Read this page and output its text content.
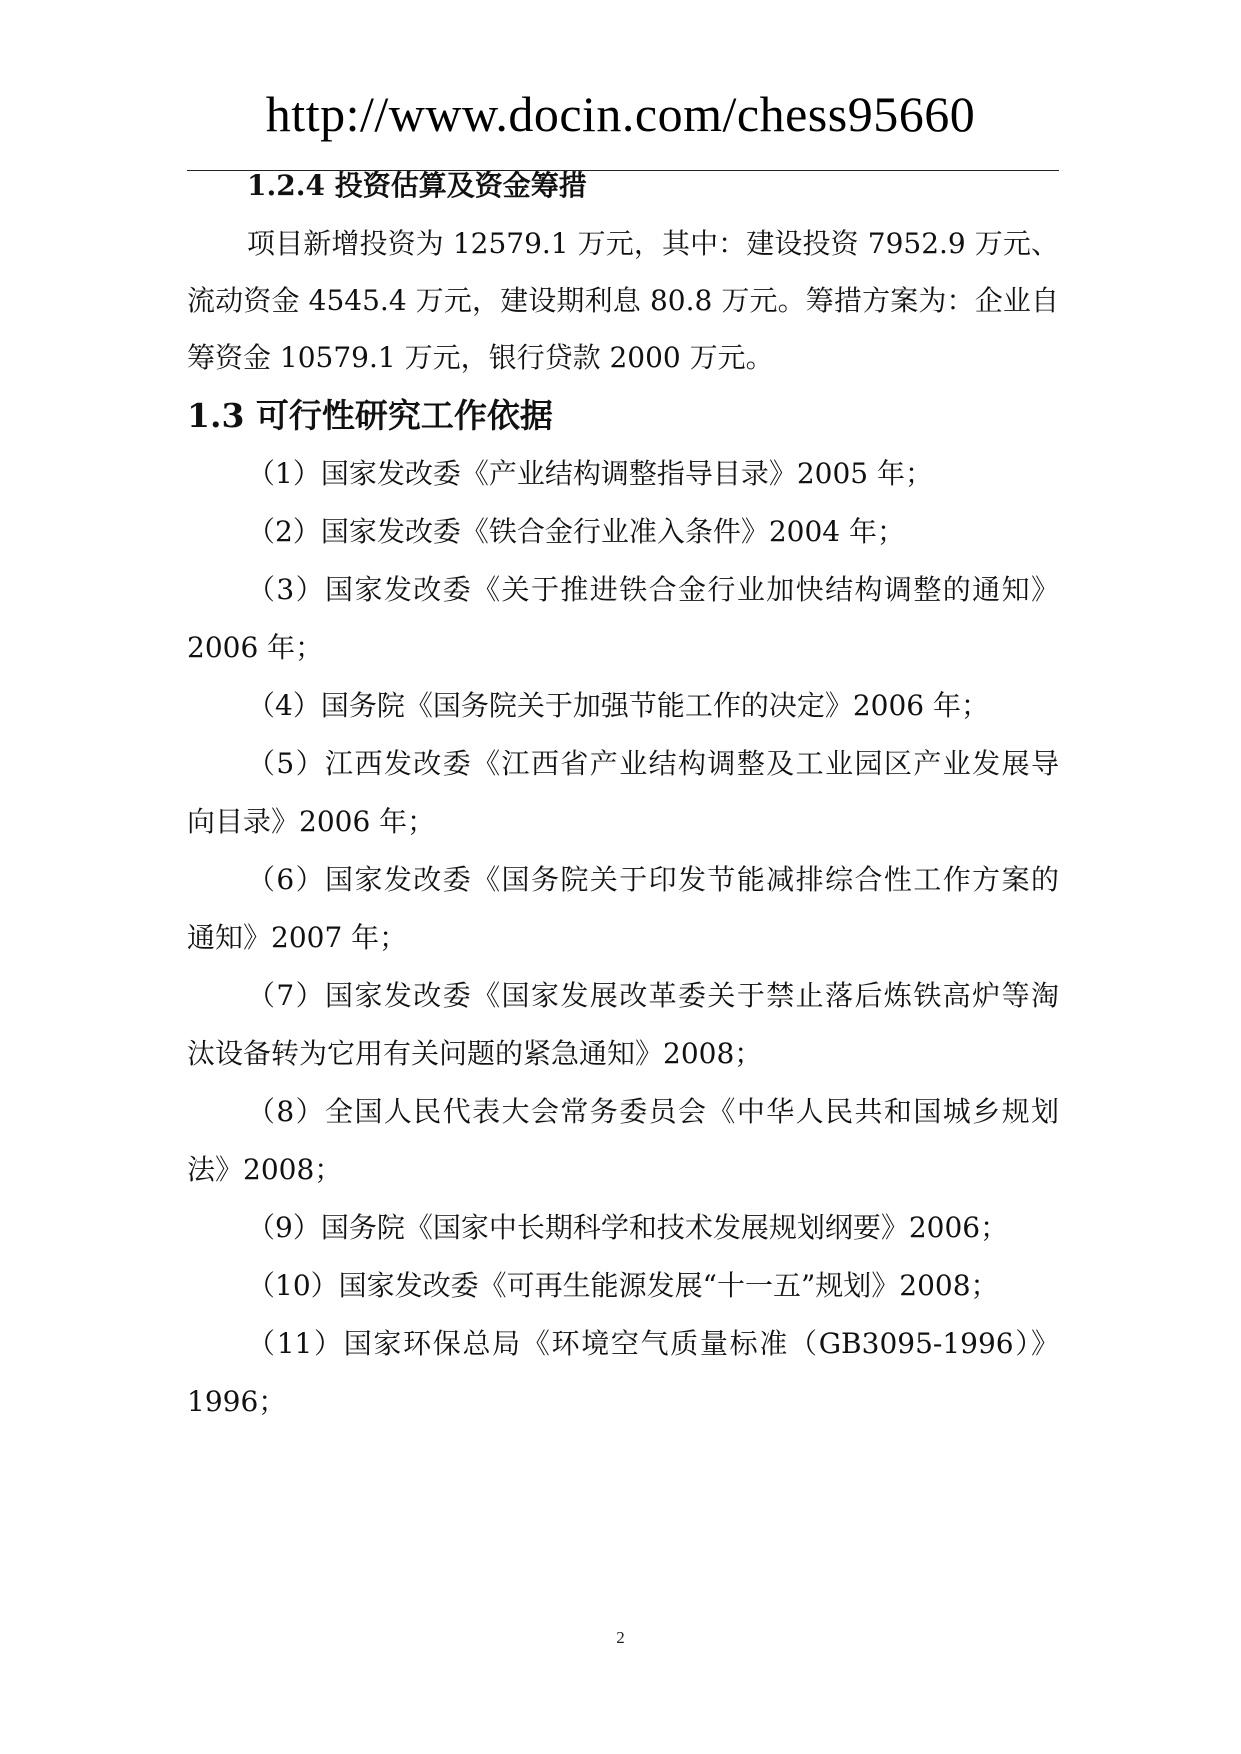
http://www.docin.com/chess95660
1.2.4 投资估算及资金筹措
项目新增投资为 12579.1 万元，其中：建设投资 7952.9 万元、
流动资金 4545.4 万元，建设期利息 80.8 万元。筹措方案为：企业自
筹资金 10579.1 万元，银行贷款 2000 万元。
1.3 可行性研究工作依据
（1）国家发改委《产业结构调整指导目录》2005 年；
（2）国家发改委《铁合金行业准入条件》2004 年；
（3）国家发改委《关于推进铁合金行业加快结构调整的通知》
2006 年；
（4）国务院《国务院关于加强节能工作的决定》2006 年；
（5）江西发改委《江西省产业结构调整及工业园区产业发展导
向目录》2006 年；
（6）国家发改委《国务院关于印发节能减排综合性工作方案的
通知》2007 年；
（7）国家发改委《国家发展改革委关于禁止落后炼铁高炉等淘
汰设备转为它用有关问题的紧急通知》2008；
（8）全国人民代表大会常务委员会《中华人民共和国城乡规划
法》2008；
（9）国务院《国家中长期科学和技术发展规划纲要》2006；
（10）国家发改委《可再生能源发展“十一五”规划》2008；
（11）国家环保总局《环境空气质量标准（GB3095-1996）》
1996；
2
